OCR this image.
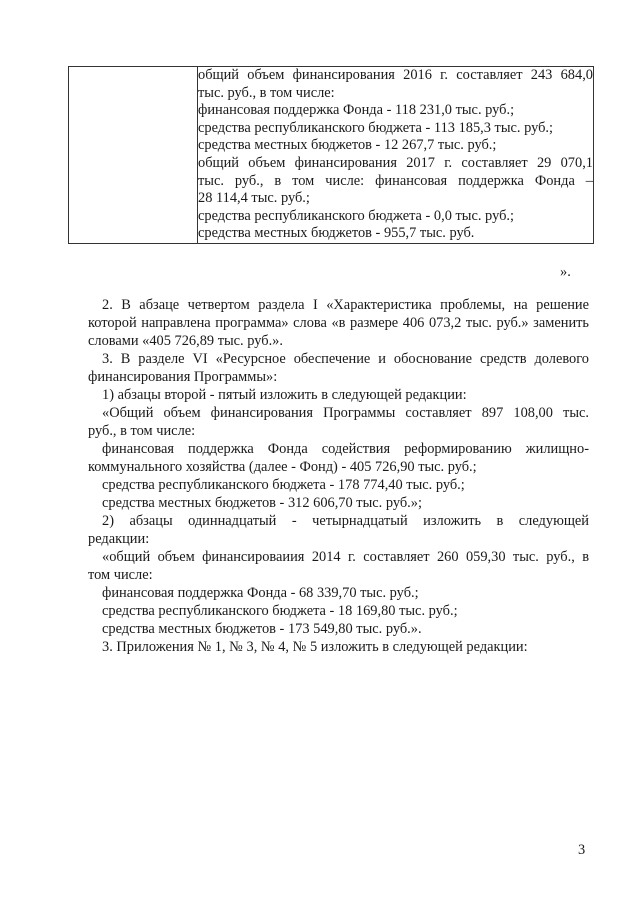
общий объем финансирования 2016 г. составляет 243 684,0
тыс. руб., в том числе:
финансовая поддержка Фонда - 118 231,0 тыс. руб.;
средства республиканского бюджета - 113 185,3 тыс. руб.;
средства местных бюджетов - 12 267,7 тыс. руб.;
общий объем финансирования 2017 г. составляет 29 070,1
тыс. руб., в том числе: финансовая поддержка Фонда –
28 114,4 тыс. руб.;
средства республиканского бюджета - 0,0 тыс. руб.;
средства местных бюджетов - 955,7 тыс. руб.
».
2. В абзаце четвертом раздела I «Характеристика проблемы, на решение
которой направлена программа» слова «в размере 406 073,2 тыс. руб.» заменить
словами «405 726,89 тыс. руб.».
3. В разделе VI «Ресурсное обеспечение и обоснование средств долевого
финансирования Программы»:
1) абзацы второй - пятый изложить в следующей редакции:
«Общий объем финансирования Программы составляет 897 108,00 тыс.
руб., в том числе:
финансовая поддержка Фонда содействия реформированию жилищно-
коммунального хозяйства (далее - Фонд) - 405 726,90 тыс. руб.;
средства республиканского бюджета - 178 774,40 тыс. руб.;
средства местных бюджетов - 312 606,70 тыс. руб.»;
2) абзацы одиннадцатый - четырнадцатый изложить в следующей
редакции:
«общий объем финансироваиия 2014 г. составляет 260 059,30 тыс. руб., в
том числе:
финансовая поддержка Фонда - 68 339,70 тыс. руб.;
средства республиканского бюджета - 18 169,80 тыс. руб.;
средства местных бюджетов - 173 549,80 тыс. руб.».
3. Приложения № 1, № 3, № 4, № 5 изложить в следующей редакции:
3
